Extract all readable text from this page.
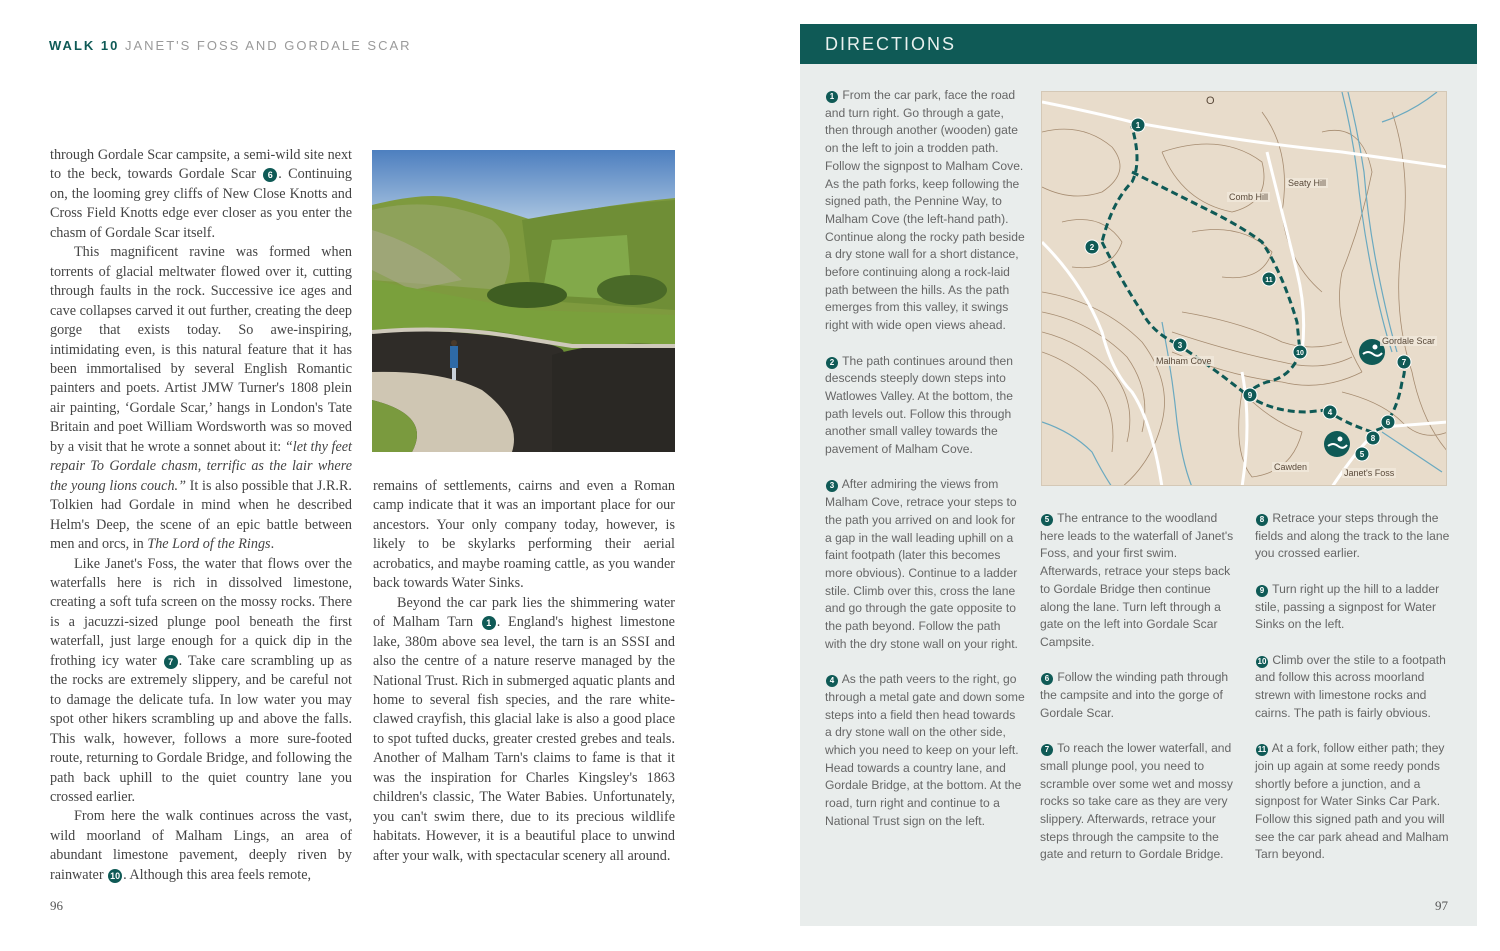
WALK 10 JANET'S FOSS AND GORDALE SCAR

through Gordale Scar campsite, a semi-wild site next to the beck, towards Gordale Scar 6 . Continuing on, the looming grey cliffs of New Close Knotts and Cross Field Knotts edge ever closer as you enter the chasm of Gordale Scar itself.

This magnificent ravine was formed when torrents of glacial meltwater flowed over it, cutting through faults in the rock. Successive ice ages and cave collapses carved it out further, creating the deep gorge that exists today. So awe-inspiring, intimidating even, is this natural feature that it has been immortalised by several English Romantic painters and poets. Artist JMW Turner's 1808 plein air painting, ‘Gordale Scar,’ hangs in London's Tate Britain and poet William Wordsworth was so moved by a visit that he wrote a sonnet about it: “let thy feet repair To Gordale chasm, terrific as the lair where the young lions couch.” It is also possible that J.R.R. Tolkien had Gordale in mind when he described Helm's Deep, the scene of an epic battle between men and orcs, in The Lord of the Rings.

Like Janet's Foss, the water that flows over the waterfalls here is rich in dissolved limestone, creating a soft tufa screen on the mossy rocks. There is a jacuzzi-sized plunge pool beneath the first waterfall, just large enough for a quick dip in the frothing icy water 7 . Take care scrambling up as the rocks are extremely slippery, and be careful not to damage the delicate tufa. In low water you may spot other hikers scrambling up and above the falls. This walk, however, follows a more sure-footed route, returning to Gordale Bridge, and following the path back uphill to the quiet country lane you crossed earlier.

From here the walk continues across the vast, wild moorland of Malham Lings, an area of abundant limestone pavement, deeply riven by rainwater 10 . Although this area feels remote,

remains of settlements, cairns and even a Roman camp indicate that it was an important place for our ancestors. Your only company today, however, is likely to be skylarks performing their aerial acrobatics, and maybe roaming cattle, as you wander back towards Water Sinks.

Beyond the car park lies the shimmering water of Malham Tarn 1 . England's highest limestone lake, 380m above sea level, the tarn is an SSSI and also the centre of a nature reserve managed by the National Trust. Rich in submerged aquatic plants and home to several fish species, and the rare white-clawed crayfish, this glacial lake is also a good place to spot tufted ducks, greater crested grebes and teals. Another of Malham Tarn's claims to fame is that it was the inspiration for Charles Kingsley's 1863 children's classic, The Water Babies. Unfortunately, you can't swim there, due to its precious wildlife habitats. However, it is a beautiful place to unwind after your walk, with spectacular scenery all around.

96
DIRECTIONS

1 From the car park, face the road and turn right. Go through a gate, then through another (wooden) gate on the left to join a trodden path. Follow the signpost to Malham Cove. As the path forks, keep following the signed path, the Pennine Way, to Malham Cove (the left-hand path). Continue along the rocky path beside a dry stone wall for a short distance, before continuing along a rock-laid path between the hills. As the path emerges from this valley, it swings right with wide open views ahead.

2 The path continues around then descends steeply down steps into Watlowes Valley. At the bottom, the path levels out. Follow this through another small valley towards the pavement of Malham Cove.

3 After admiring the views from Malham Cove, retrace your steps to the path you arrived on and look for a gap in the wall leading uphill on a faint footpath (later this becomes more obvious). Continue to a ladder stile. Climb over this, cross the lane and go through the gate opposite to the path beyond. Follow the path with the dry stone wall on your right.

4 As the path veers to the right, go through a metal gate and down some steps into a field then head towards a dry stone wall on the other side, which you need to keep on your left. Head towards a country lane, and Gordale Bridge, at the bottom. At the road, turn right and continue to a National Trust sign on the left.

5 The entrance to the woodland here leads to the waterfall of Janet's Foss, and your first swim. Afterwards, retrace your steps back to Gordale Bridge then continue along the lane. Turn left through a gate on the left into Gordale Scar Campsite.

6 Follow the winding path through the campsite and into the gorge of Gordale Scar.

7 To reach the lower waterfall, and small plunge pool, you need to scramble over some wet and mossy rocks so take care as they are very slippery. Afterwards, retrace your steps through the campsite to the gate and return to Gordale Bridge.

8 Retrace your steps through the fields and along the track to the lane you crossed earlier.

9 Turn right up the hill to a ladder stile, passing a signpost for Water Sinks on the left.

10 Climb over the stile to a footpath and follow this across moorland strewn with limestone rocks and cairns. The path is fairly obvious.

11 At a fork, follow either path; they join up again at some reedy ponds shortly before a junction, and a signpost for Water Sinks Car Park. Follow this signed path and you will see the car park ahead and Malham Tarn beyond.

1
2
3
4
5
6
7
8
9
10
11
Malham Cove
Gordale Scar
Janet's Foss
Cawden
Seaty Hill
Comb Hill
O
97
